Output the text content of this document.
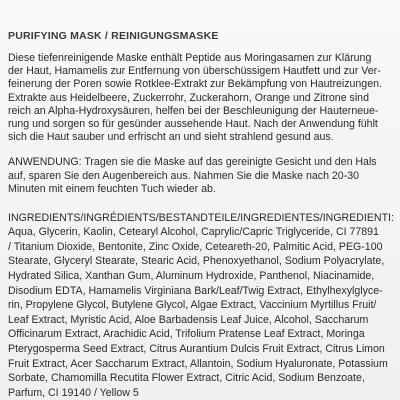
PURIFYING MASK / REINIGUNGSMASKE

Diese tiefenreinigende Maske enthält Peptide aus Moringasamen zur Klärung
der Haut, Hamamelis zur Entfernung von überschüssigem Hautfett und zur Ver-
feinerung der Poren sowie Rotklee-Extrakt zur Bekämpfung von Hautreizungen.
Extrakte aus Heidelbeere, Zuckerrohr, Zuckerahorn, Orange und Zitrone sind
reich an Alpha-Hydroxysäuren, helfen bei der Beschleunigung der Hauterneue-
rung und sorgen so für gesünder aussehende Haut. Nach der Anwendung fühlt
sich die Haut sauber und erfrischt an und sieht strahlend gesund aus.

ANWENDUNG: Tragen sie die Maske auf das gereinigte Gesicht und den Hals
auf, sparen Sie den Augenbereich aus. Nahmen Sie die Maske nach 20-30
Minuten mit einem feuchten Tuch wieder ab.

INGREDIENTS/INGRÉDIENTS/BESTANDTEILE/INGREDIENTES/INGREDIENTI:

Aqua, Glycerin, Kaolin, Cetearyl Alcohol, Caprylic/Capric Triglyceride, CI 77891
/ Titanium Dioxide, Bentonite, Zinc Oxide, Ceteareth-20, Palmitic Acid, PEG-100
Stearate, Glyceryl Stearate, Stearic Acid, Phenoxyethanol, Sodium Polyacrylate,
Hydrated Silica, Xanthan Gum, Aluminum Hydroxide, Panthenol, Niacinamide,
Disodium EDTA, Hamamelis Virginiana Bark/Leaf/Twig Extract, Ethylhexylglyce-
rin, Propylene Glycol, Butylene Glycol, Algae Extract, Vaccinium Myrtillus Fruit/
Leaf Extract, Myristic Acid, Aloe Barbadensis Leaf Juice, Alcohol, Saccharum
Officinarum Extract, Arachidic Acid, Trifolium Pratense Leaf Extract, Moringa
Pterygosperma Seed Extract, Citrus Aurantium Dulcis Fruit Extract, Citrus Limon
Fruit Extract, Acer Saccharum Extract, Allantoin, Sodium Hyaluronate, Potassium
Sorbate, Chamomilla Recutita Flower Extract, Citric Acid, Sodium Benzoate,
Parfum, CI 19140 / Yellow 5
